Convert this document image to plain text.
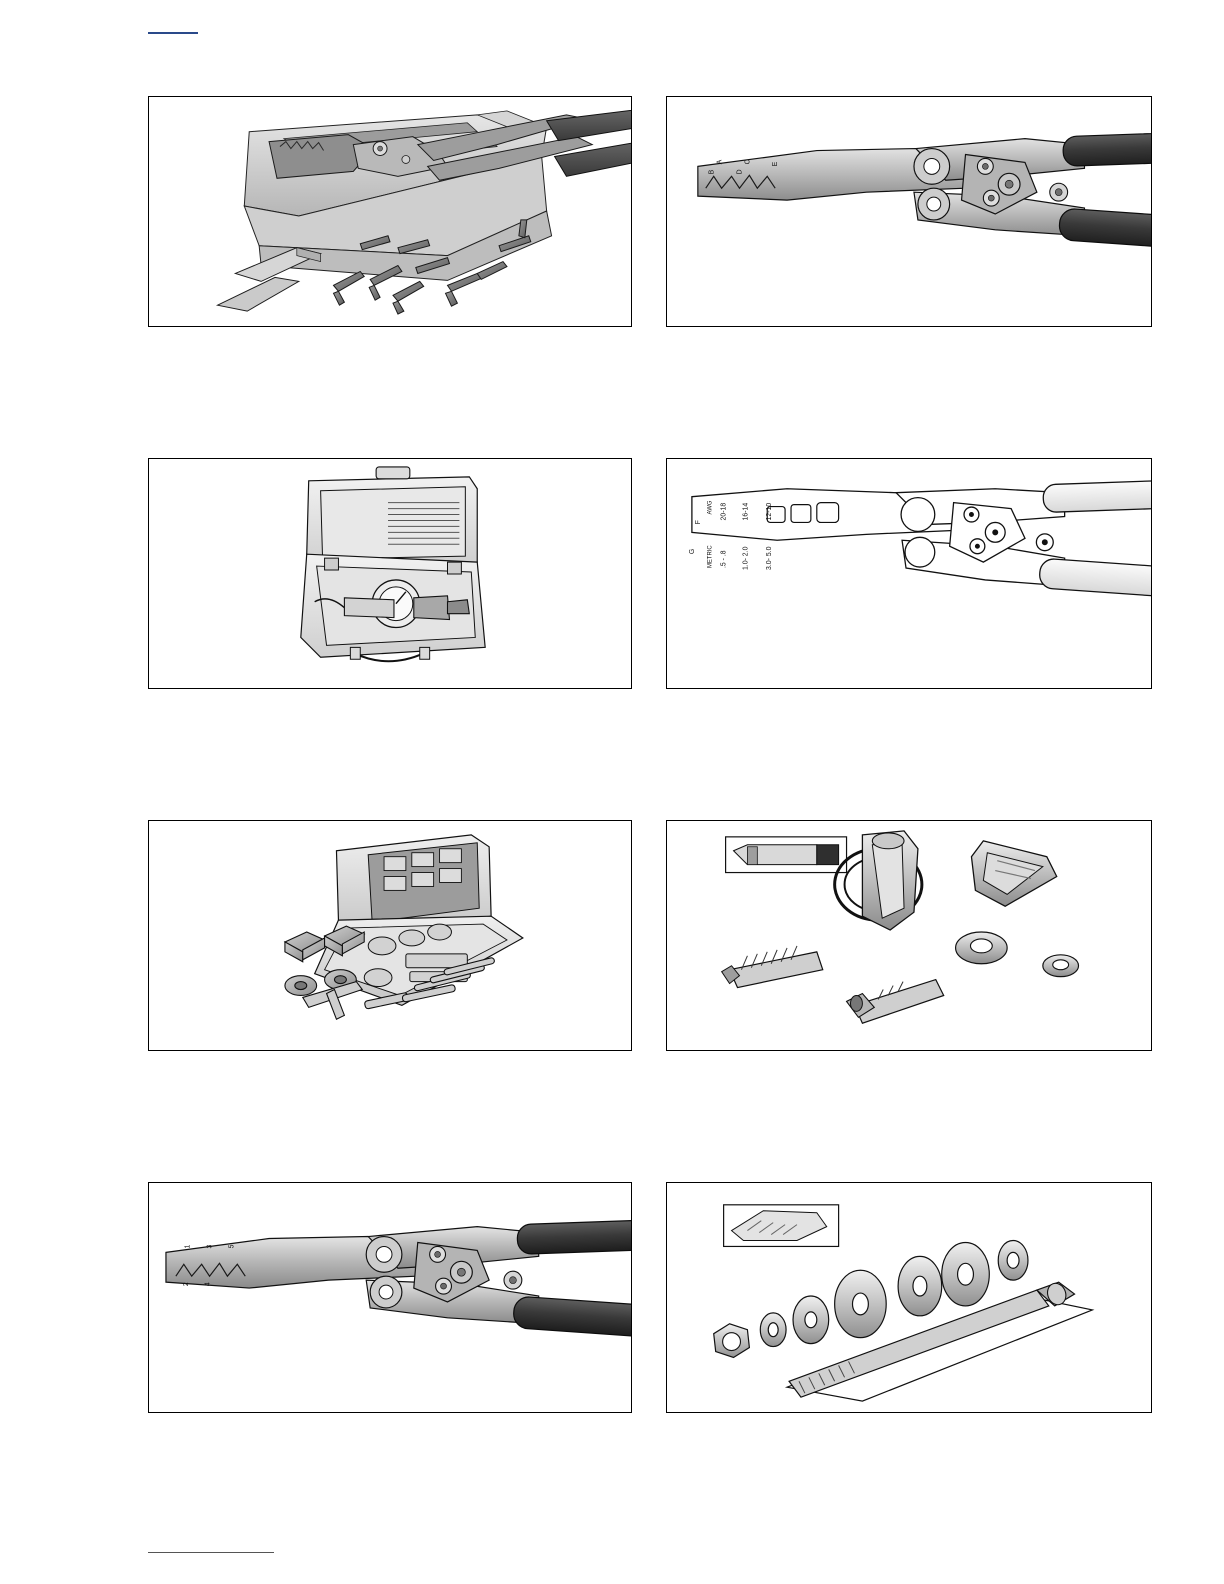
B
A
D
C	E
F
G METRIC
AWG 20-18
.5 - .8
16-14
1.0- 2.0
12-10
3.0- 5.0
1
2
3
4
5
